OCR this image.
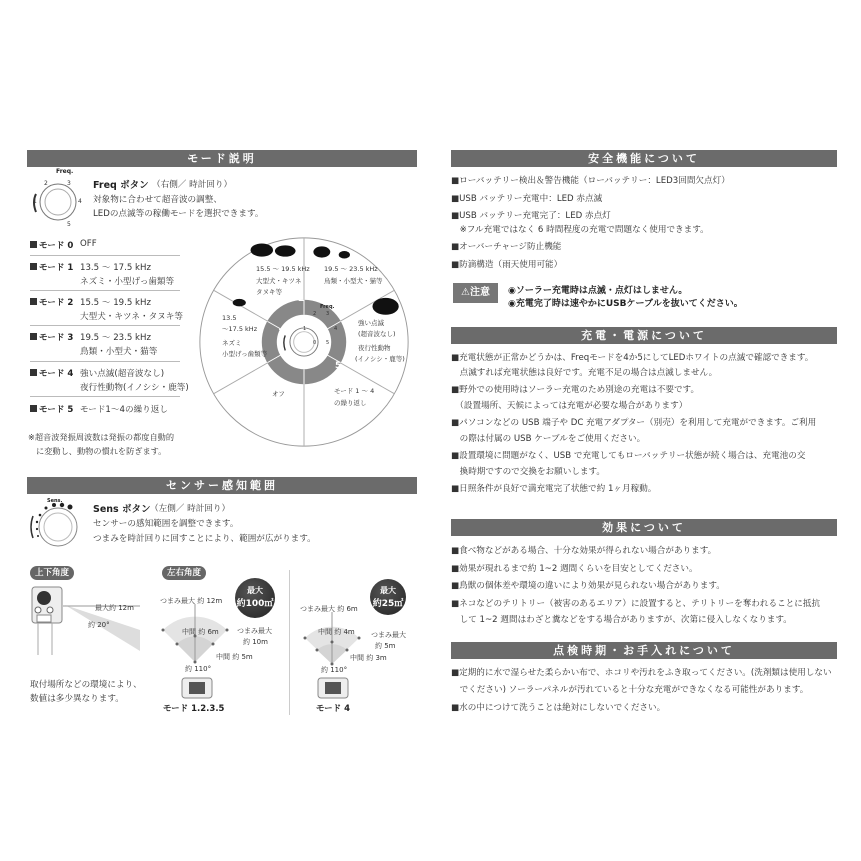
モード説明
Freq.
1
2	3
4
5
Freq ボタン （右側／ 時計回り）
対象物に合わせて超音波の調整、
LEDの点滅等の稼働モードを選択できます。
モード 0 OFF
モード 1 13.5 ～ 17.5 kHz
ネズミ・小型げっ歯類等
モード 2 15.5 ～ 19.5 kHz
大型犬・キツネ・タヌキ等
モード 3 19.5 ～ 23.5 kHz
鳥類・小型犬・猫等
モード 4 強い点滅(超音波なし)
夜行性動物(イノシシ・鹿等)
モード 5 モード1～4の繰り返し
※超音波発振周波数は発振の都度自動的
に変動し、動物の慣れを防ぎます。
4
0
1
2	3
5
Freq.
0
1
2 3
4
5
15.5 ～ 19.5 kHz
大型犬・キツネ
タヌキ等
19.5 ～ 23.5 kHz
鳥類・小型犬・猫等
13.5
～17.5 kHz
ネズミ
小型げっ歯類等
強い点滅
(超音波なし)
夜行性動物
(イノシシ・鹿等)
オフ	モード 1 ～ 4
の繰り返し
センサー感知範囲
Sens.
Sens ボタン （左側／ 時計回り）
センサーの感知範囲を調整できます。
つまみを時計回りに回すことにより、範囲が広がります。
上下角度
最大約 12m
約 20°
取付場所などの環境により、
数値は多少異なります。
左右角度
つまみ最大 約 12m
中間 約 6m	つまみ最大
約 10m
中間 約 5m
約 110°
最大
約100㎡
モード 1.2.3.5
つまみ最大 約 6m
中間 約 4m つまみ最大
約 5m
中間 約 3m
約 110°
最大
約25㎡
モード 4
安全機能について
■ローバッテリー検出＆警告機能（ローバッテリー：LED3回間欠点灯）
■USB バッテリー充電中：LED 赤点滅
■USB バッテリー充電完了：LED 赤点灯
　※フル充電ではなく 6 時間程度の充電で問題なく使用できます。
■オーバーチャージ防止機能
■防滴構造（雨天使用可能）
⚠注意	◉ソーラー充電時は点滅・点灯はしません。
◉充電完了時は速やかにUSBケーブルを抜いてください。
充電・電源について
■充電状態が正常かどうかは、Freqモードを4か5にしてLEDホワイトの点滅で確認できます。
　点滅すれば充電状態は良好です。充電不足の場合は点滅しません。
■野外での使用時はソーラー充電のため別途の充電は不要です。
　（設置場所、天候によっては充電が必要な場合があります）
■パソコンなどの USB 端子や DC 充電アダプター（別売）を利用して充電ができます。ご利用
　の際は付属の USB ケーブルをご使用ください。
■設置環境に問題がなく、USB で充電してもローバッテリー状態が続く場合は、充電池の交
　換時期ですので交換をお願いします。
■日照条件が良好で満充電完了状態で約 1ヶ月稼動。
効果について
■食べ物などがある場合、十分な効果が得られない場合があります。
■効果が現れるまで約 1~2 週間くらいを目安としてください。
■鳥獣の個体差や環境の違いにより効果が見られない場合があります。
■ネコなどのテリトリー（被害のあるエリア）に設置すると、テリトリーを奪われることに抵抗
　して 1~2 週間はわざと糞などをする場合がありますが、次第に侵入しなくなります。
点検時期・お手入れについて
■定期的に水で湿らせた柔らかい布で、ホコリや汚れをふき取ってください。(洗剤類は使用しない
　でください) ソーラーパネルが汚れていると十分な充電ができなくなる可能性があります。
■水の中につけて洗うことは絶対にしないでください。
